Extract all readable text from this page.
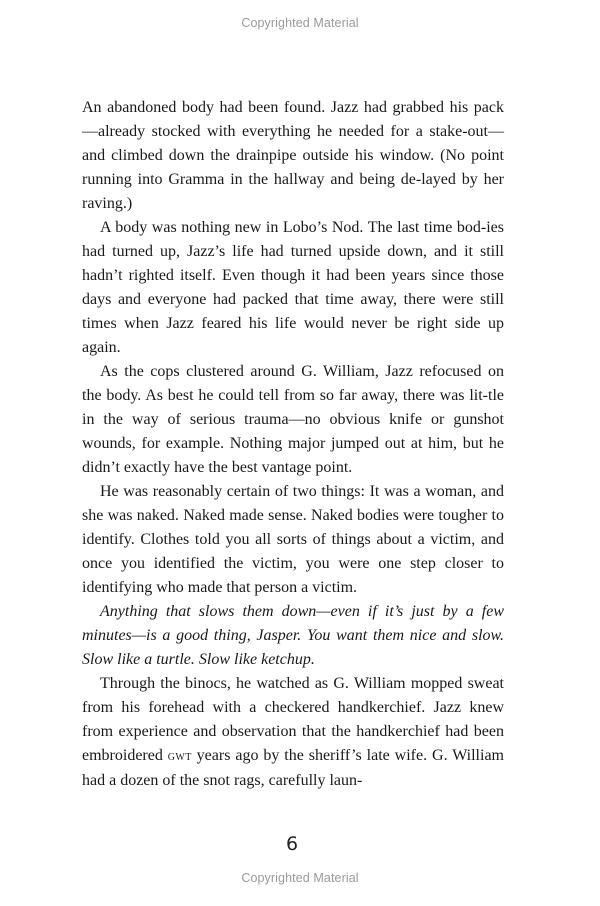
Copyrighted Material

An abandoned body had been found. Jazz had grabbed his pack—already stocked with everything he needed for a stake-out—and climbed down the drainpipe outside his window. (No point running into Gramma in the hallway and being de-layed by her raving.)

A body was nothing new in Lobo’s Nod. The last time bod-ies had turned up, Jazz’s life had turned upside down, and it still hadn’t righted itself. Even though it had been years since those days and everyone had packed that time away, there were still times when Jazz feared his life would never be right side up again.

As the cops clustered around G. William, Jazz refocused on the body. As best he could tell from so far away, there was lit-tle in the way of serious trauma—no obvious knife or gunshot wounds, for example. Nothing major jumped out at him, but he didn’t exactly have the best vantage point.

He was reasonably certain of two things: It was a woman, and she was naked. Naked made sense. Naked bodies were tougher to identify. Clothes told you all sorts of things about a victim, and once you identified the victim, you were one step closer to identifying who made that person a victim.

Anything that slows them down—even if it’s just by a few minutes—is a good thing, Jasper. You want them nice and slow. Slow like a turtle. Slow like ketchup.

Through the binocs, he watched as G. William mopped sweat from his forehead with a checkered handkerchief. Jazz knew from experience and observation that the handkerchief had been embroidered gwt years ago by the sheriff’s late wife. G. William had a dozen of the snot rags, carefully laun-

6
Copyrighted Material
